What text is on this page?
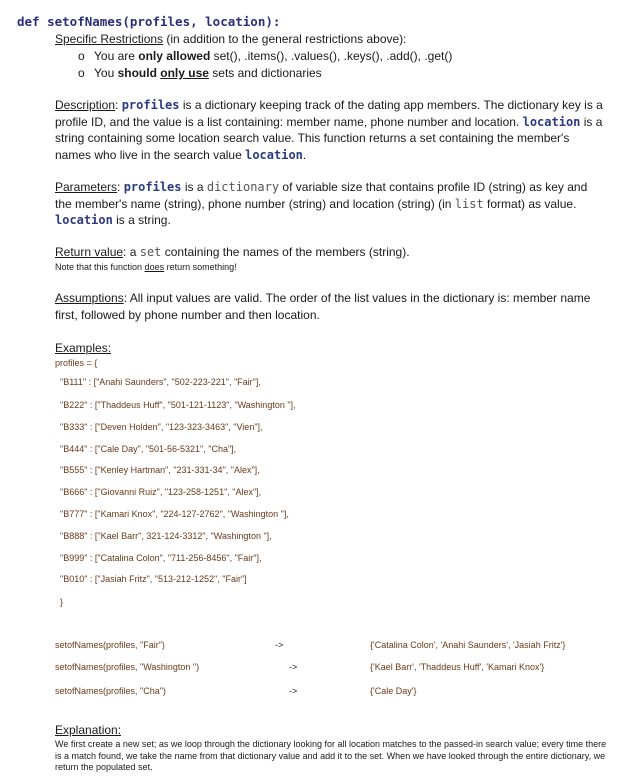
def setofNames(profiles, location):
Specific Restrictions (in addition to the general restrictions above):
o You are only allowed set(), .items(), .values(), .keys(), .add(), .get()
o You should only use sets and dictionaries
Description: profiles is a dictionary keeping track of the dating app members. The dictionary key is a profile ID, and the value is a list containing: member name, phone number and location. location is a string containing some location search value. This function returns a set containing the member's names who live in the search value location.
Parameters: profiles is a dictionary of variable size that contains profile ID (string) as key and the member's name (string), phone number (string) and location (string) (in list format) as value. location is a string.
Return value: a set containing the names of the members (string).
Note that this function does return something!
Assumptions: All input values are valid. The order of the list values in the dictionary is: member name first, followed by phone number and then location.
Examples:
profiles = {
"B111" : ["Anahi Saunders", "502-223-221", "Fair"],
"B222" : ["Thaddeus Huff", "501-121-1123", "Washington "],
"B333" : ["Deven Holden", "123-323-3463", "Vien"],
"B444" : ["Cale Day", "501-56-5321", "Cha"],
"B555" : ["Kenley Hartman", "231-331-34", "Alex"],
"B666" : ["Giovanni Ruiz", "123-258-1251", "Alex"],
"B777" : ["Kamari Knox", "224-127-2762", "Washington "],
"B888" : ["Kael Barr", 321-124-3312", "Washington "],
"B999" : ["Catalina Colon", "711-256-8456", "Fair"],
"B010" : ["Jasiah Fritz", "513-212-1252", "Fair"]
}
setofNames(profiles, "Fair")	->	{'Catalina Colon', 'Anahi Saunders', 'Jasiah Fritz'}
setofNames(profiles, "Washington ")	->	{'Kael Barr', 'Thaddeus Huff', 'Kamari Knox'}
setofNames(profiles, "Cha")	->	{'Cale Day'}
Explanation:
We first create a new set; as we loop through the dictionary looking for all location matches to the passed-in search value; every time there is a match found, we take the name from that dictionary value and add it to the set. When we have looked through the entire dictionary, we return the populated set.
